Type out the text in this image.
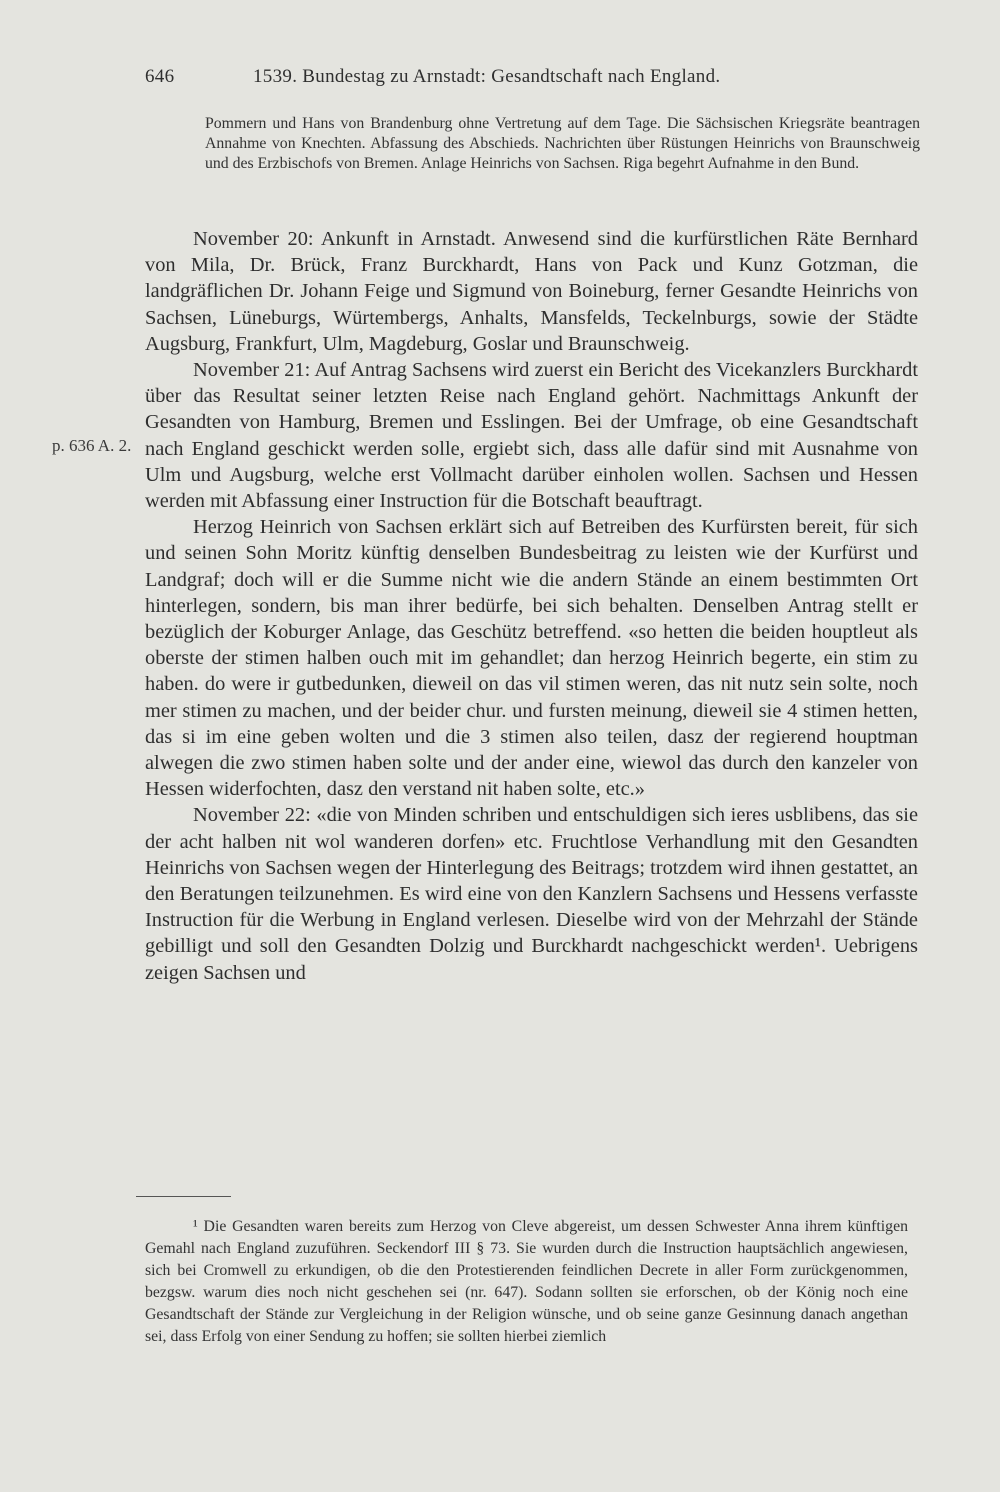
646	1539. Bundestag zu Arnstadt: Gesandtschaft nach England.
Pommern und Hans von Brandenburg ohne Vertretung auf dem Tage. Die Sächsischen Kriegsräte beantragen Annahme von Knechten. Abfassung des Abschieds. Nachrichten über Rüstungen Heinrichs von Braunschweig und des Erzbischofs von Bremen. Anlage Heinrichs von Sachsen. Riga begehrt Aufnahme in den Bund.
p. 636 A. 2.

November 20: Ankunft in Arnstadt. Anwesend sind die kurfürstlichen Räte Bernhard von Mila, Dr. Brück, Franz Burckhardt, Hans von Pack und Kunz Gotzman, die landgräflichen Dr. Johann Feige und Sigmund von Boineburg, ferner Gesandte Heinrichs von Sachsen, Lüneburgs, Würtembergs, Anhalts, Mansfelds, Teckelnburgs, sowie der Städte Augsburg, Frankfurt, Ulm, Magdeburg, Goslar und Braunschweig.

November 21: Auf Antrag Sachsens wird zuerst ein Bericht des Vicekanzlers Burckhardt über das Resultat seiner letzten Reise nach England gehört. Nachmittags Ankunft der Gesandten von Hamburg, Bremen und Esslingen. Bei der Umfrage, ob eine Gesandtschaft nach England geschickt werden solle, ergiebt sich, dass alle dafür sind mit Ausnahme von Ulm und Augsburg, welche erst Vollmacht darüber einholen wollen. Sachsen und Hessen werden mit Abfassung einer Instruction für die Botschaft beauftragt.

Herzog Heinrich von Sachsen erklärt sich auf Betreiben des Kurfürsten bereit, für sich und seinen Sohn Moritz künftig denselben Bundesbeitrag zu leisten wie der Kurfürst und Landgraf; doch will er die Summe nicht wie die andern Stände an einem bestimmten Ort hinterlegen, sondern, bis man ihrer bedürfe, bei sich behalten. Denselben Antrag stellt er bezüglich der Koburger Anlage, das Geschütz betreffend. «so hetten die beiden houptleut als oberste der stimen halben ouch mit im gehandlet; dan herzog Heinrich begerte, ein stim zu haben. do were ir gutbedunken, dieweil on das vil stimen weren, das nit nutz sein solte, noch mer stimen zu machen, und der beider chur. und fursten meinung, dieweil sie 4 stimen hetten, das si im eine geben wolten und die 3 stimen also teilen, dasz der regierend houptman alwegen die zwo stimen haben solte und der ander eine, wiewol das durch den kanzeler von Hessen widerfochten, dasz den verstand nit haben solte, etc.»

November 22: «die von Minden schriben und entschuldigen sich ieres usblibens, das sie der acht halben nit wol wanderen dorfen» etc. Fruchtlose Verhandlung mit den Gesandten Heinrichs von Sachsen wegen der Hinterlegung des Beitrags; trotzdem wird ihnen gestattet, an den Beratungen teilzunehmen. Es wird eine von den Kanzlern Sachsens und Hessens verfasste Instruction für die Werbung in England verlesen. Dieselbe wird von der Mehrzahl der Stände gebilligt und soll den Gesandten Dolzig und Burckhardt nachgeschickt werden¹. Uebrigens zeigen Sachsen und

¹ Die Gesandten waren bereits zum Herzog von Cleve abgereist, um dessen Schwester Anna ihrem künftigen Gemahl nach England zuzuführen. Seckendorf III § 73. Sie wurden durch die Instruction hauptsächlich angewiesen, sich bei Cromwell zu erkundigen, ob die den Protestierenden feindlichen Decrete in aller Form zurückgenommen, bezgsw. warum dies noch nicht geschehen sei (nr. 647). Sodann sollten sie erforschen, ob der König noch eine Gesandtschaft der Stände zur Vergleichung in der Religion wünsche, und ob seine ganze Gesinnung danach angethan sei, dass Erfolg von einer Sendung zu hoffen; sie sollten hierbei ziemlich
